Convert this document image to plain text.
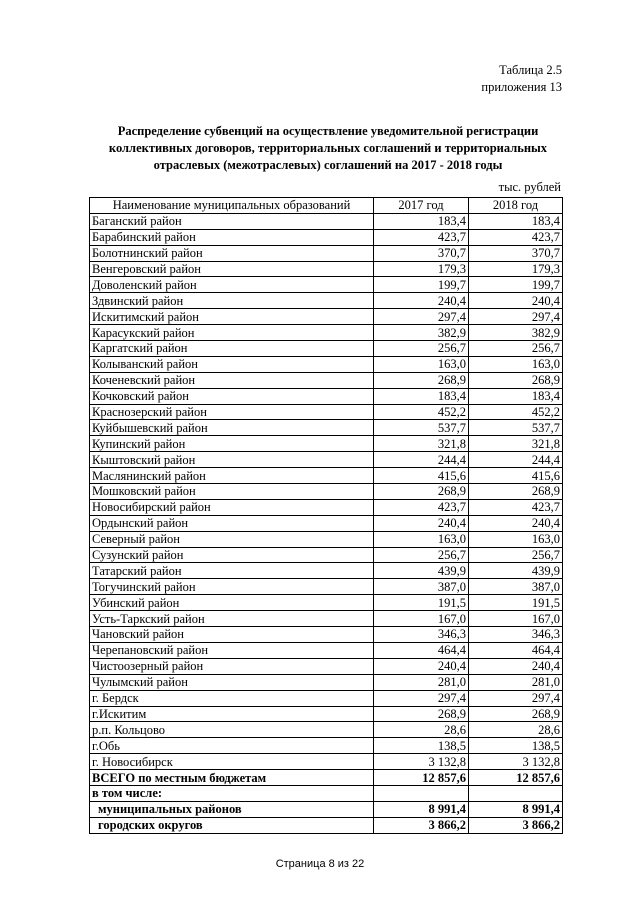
Таблица 2.5
приложения 13
Распределение субвенций на осуществление уведомительной регистрации
коллективных договоров, территориальных соглашений и территориальных
отраслевых (межотраслевых) соглашений на 2017 - 2018 годы
тыс. рублей
Наименование муниципальных образований	2017 год	2018 год
Баганский район	183,4	183,4
Барабинский район	423,7	423,7
Болотнинский район	370,7	370,7
Венгеровский район	179,3	179,3
Доволенский район	199,7	199,7
Здвинский район	240,4	240,4
Искитимский район	297,4	297,4
Карасукский район	382,9	382,9
Каргатский район	256,7	256,7
Колыванский район	163,0	163,0
Коченевский район	268,9	268,9
Кочковский район	183,4	183,4
Краснозерский район	452,2	452,2
Куйбышевский район	537,7	537,7
Купинский район	321,8	321,8
Кыштовский район	244,4	244,4
Маслянинский район	415,6	415,6
Мошковский район	268,9	268,9
Новосибирский район	423,7	423,7
Ордынский район	240,4	240,4
Северный район	163,0	163,0
Сузунский район	256,7	256,7
Татарский район	439,9	439,9
Тогучинский район	387,0	387,0
Убинский район	191,5	191,5
Усть-Таркский район	167,0	167,0
Чановский район	346,3	346,3
Черепановский район	464,4	464,4
Чистоозерный район	240,4	240,4
Чулымский район	281,0	281,0
г. Бердск	297,4	297,4
г.Искитим	268,9	268,9
р.п. Кольцово	28,6	28,6
г.Обь	138,5	138,5
г. Новосибирск	3 132,8	3 132,8
ВСЕГО по местным бюджетам	12 857,6	12 857,6
в том числе:		
муниципальных районов	8 991,4	8 991,4
городских округов	3 866,2	3 866,2
Страница 8 из 22
